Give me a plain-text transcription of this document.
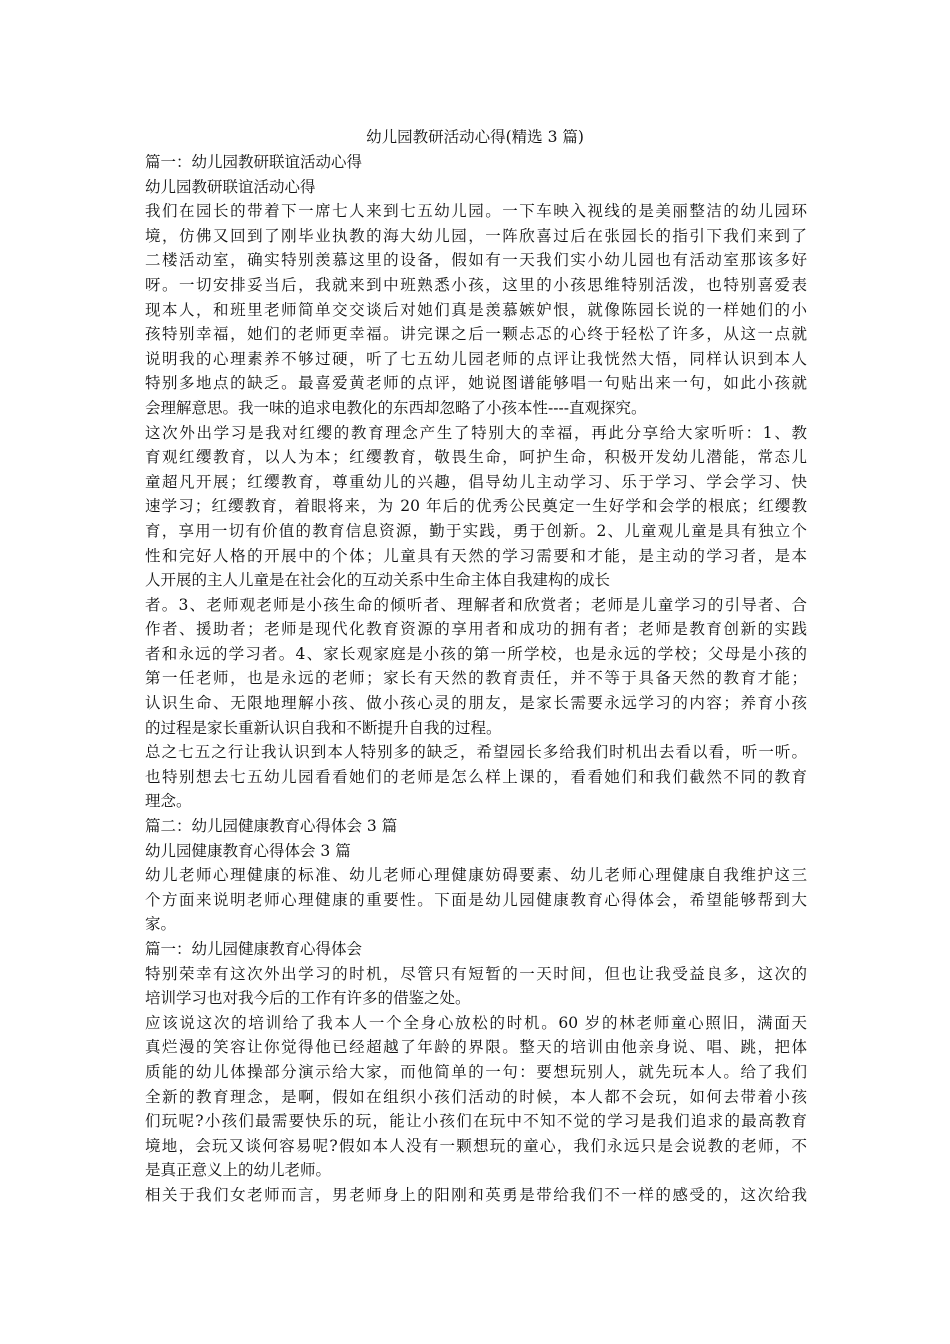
幼儿园教研活动心得(精选 3 篇)
篇一：幼儿园教研联谊活动心得
幼儿园教研联谊活动心得
我们在园长的带着下一席七人来到七五幼儿园。一下车映入视线的是美丽整洁的幼儿园环
境，仿佛又回到了刚毕业执教的海大幼儿园，一阵欣喜过后在张园长的指引下我们来到了
二楼活动室，确实特别羡慕这里的设备，假如有一天我们实小幼儿园也有活动室那该多好
呀。一切安排妥当后，我就来到中班熟悉小孩，这里的小孩思维特别活泼，也特别喜爱表
现本人，和班里老师简单交交谈后对她们真是羡慕嫉妒恨，就像陈园长说的一样她们的小
孩特别幸福，她们的老师更幸福。讲完课之后一颗忐忑的心终于轻松了许多，从这一点就
说明我的心理素养不够过硬，听了七五幼儿园老师的点评让我恍然大悟，同样认识到本人
特别多地点的缺乏。最喜爱黄老师的点评，她说图谱能够唱一句贴出来一句，如此小孩就
会理解意思。我一味的追求电教化的东西却忽略了小孩本性----直观探究。
这次外出学习是我对红缨的教育理念产生了特别大的幸福，再此分享给大家听听：1、教
育观红缨教育，以人为本；红缨教育，敬畏生命，呵护生命，积极开发幼儿潜能，常态儿
童超凡开展；红缨教育，尊重幼儿的兴趣，倡导幼儿主动学习、乐于学习、学会学习、快
速学习；红缨教育，着眼将来，为 20 年后的优秀公民奠定一生好学和会学的根底；红缨教
育，享用一切有价值的教育信息资源，勤于实践，勇于创新。2、儿童观儿童是具有独立个
性和完好人格的开展中的个体；儿童具有天然的学习需要和才能，是主动的学习者，是本
人开展的主人儿童是在社会化的互动关系中生命主体自我建构的成长
者。3、老师观老师是小孩生命的倾听者、理解者和欣赏者；老师是儿童学习的引导者、合
作者、援助者；老师是现代化教育资源的享用者和成功的拥有者；老师是教育创新的实践
者和永远的学习者。4、家长观家庭是小孩的第一所学校，也是永远的学校；父母是小孩的
第一任老师，也是永远的老师；家长有天然的教育责任，并不等于具备天然的教育才能；
认识生命、无限地理解小孩、做小孩心灵的朋友，是家长需要永远学习的内容；养育小孩
的过程是家长重新认识自我和不断提升自我的过程。
总之七五之行让我认识到本人特别多的缺乏，希望园长多给我们时机出去看以看，听一听。
也特别想去七五幼儿园看看她们的老师是怎么样上课的，看看她们和我们截然不同的教育
理念。
篇二：幼儿园健康教育心得体会 3 篇
幼儿园健康教育心得体会 3 篇
幼儿老师心理健康的标准、幼儿老师心理健康妨碍要素、幼儿老师心理健康自我维护这三
个方面来说明老师心理健康的重要性。下面是幼儿园健康教育心得体会，希望能够帮到大
家。
篇一：幼儿园健康教育心得体会
特别荣幸有这次外出学习的时机，尽管只有短暂的一天时间，但也让我受益良多，这次的
培训学习也对我今后的工作有许多的借鉴之处。
应该说这次的培训给了我本人一个全身心放松的时机。60 岁的林老师童心照旧，满面天
真烂漫的笑容让你觉得他已经超越了年龄的界限。整天的培训由他亲身说、唱、跳，把体
质能的幼儿体操部分演示给大家，而他简单的一句：要想玩别人，就先玩本人。给了我们
全新的教育理念，是啊，假如在组织小孩们活动的时候，本人都不会玩，如何去带着小孩
们玩呢?小孩们最需要快乐的玩，能让小孩们在玩中不知不觉的学习是我们追求的最高教育
境地，会玩又谈何容易呢?假如本人没有一颗想玩的童心，我们永远只是会说教的老师，不
是真正意义上的幼儿老师。
相关于我们女老师而言，男老师身上的阳刚和英勇是带给我们不一样的感受的，这次给我
